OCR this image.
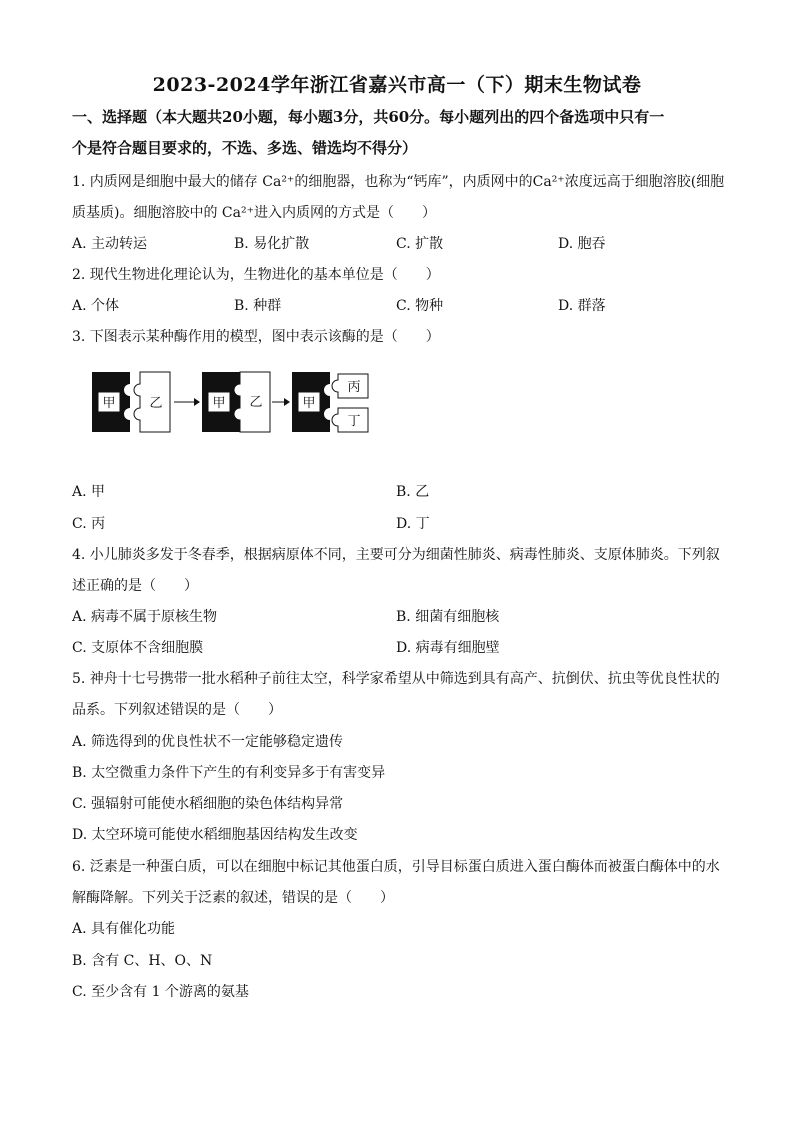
2023-2024学年浙江省嘉兴市高一（下）期末生物试卷
一、选择题（本大题共20小题，每小题3分，共60分。每小题列出的四个备选项中只有一
个是符合题目要求的，不选、多选、错选均不得分）
1. 内质网是细胞中最大的储存 Ca²⁺的细胞器，也称为“钙库”，内质网中的Ca²⁺浓度远高于细胞溶胶(细胞
质基质)。细胞溶胶中的 Ca²⁺进入内质网的方式是（　　）
A. 主动转运	B. 易化扩散	C. 扩散	D. 胞吞
2. 现代生物进化理论认为，生物进化的基本单位是（　　）
A. 个体	B. 种群	C. 物种	D. 群落
3. 下图表示某种酶作用的模型，图中表示该酶的是（　　）
甲	乙	甲 乙	甲
丙
丁
A. 甲	B. 乙
C. 丙	D. 丁
4. 小儿肺炎多发于冬春季，根据病原体不同，主要可分为细菌性肺炎、病毒性肺炎、支原体肺炎。下列叙
述正确的是（　　）
A. 病毒不属于原核生物	B. 细菌有细胞核
C. 支原体不含细胞膜	D. 病毒有细胞壁
5. 神舟十七号携带一批水稻种子前往太空，科学家希望从中筛选到具有高产、抗倒伏、抗虫等优良性状的
品系。下列叙述错误的是（　　）
A. 筛选得到的优良性状不一定能够稳定遗传
B. 太空微重力条件下产生的有利变异多于有害变异
C. 强辐射可能使水稻细胞的染色体结构异常
D. 太空环境可能使水稻细胞基因结构发生改变
6. 泛素是一种蛋白质，可以在细胞中标记其他蛋白质，引导目标蛋白质进入蛋白酶体而被蛋白酶体中的水
解酶降解。下列关于泛素的叙述，错误的是（　　）
A. 具有催化功能
B. 含有 C、H、O、N
C. 至少含有 1 个游离的氨基
